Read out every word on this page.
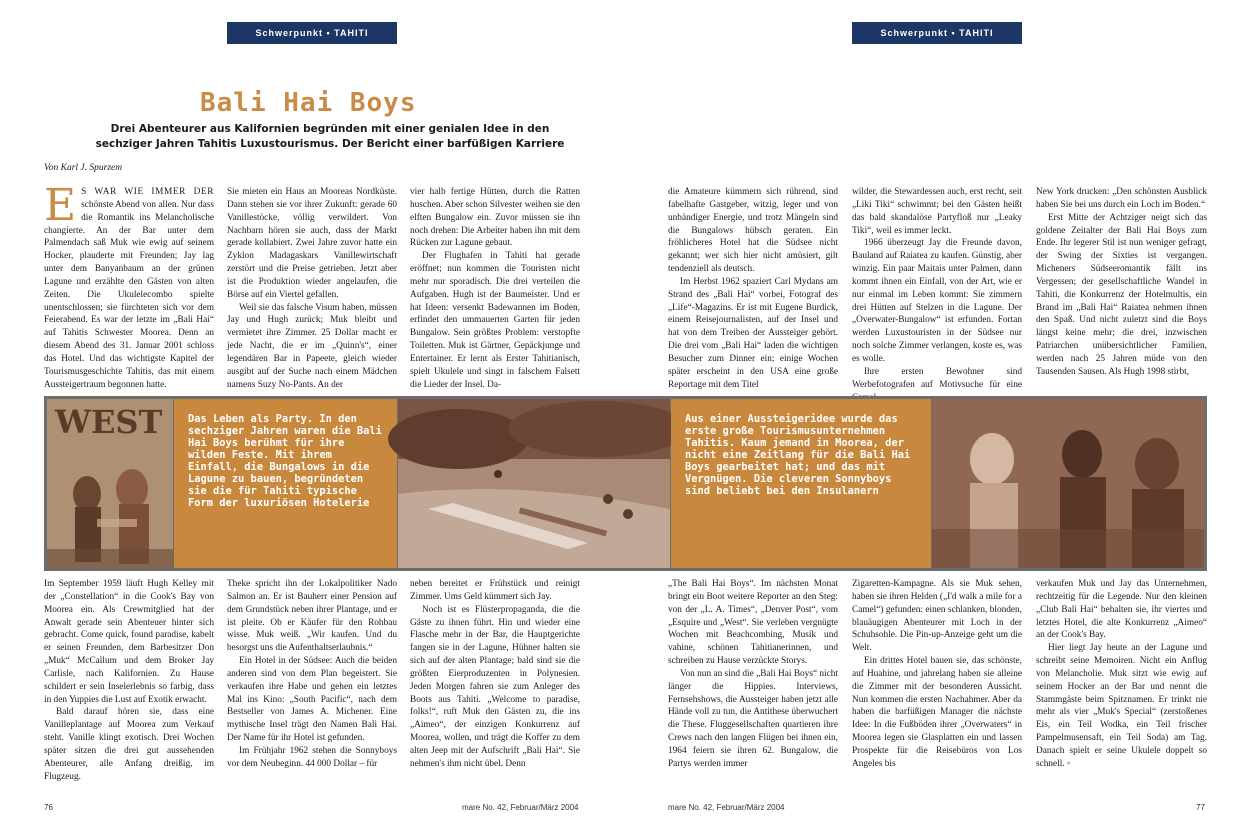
Schwerpunkt • TAHITI	Schwerpunkt • TAHITI
Bali Hai Boys
Drei Abenteurer aus Kalifornien begründen mit einer genialen Idee in den sechziger Jahren Tahitis Luxustourismus. Der Bericht einer barfüßigen Karriere
Von Karl J. Spurzem

E S WAR WIE IMMER DER schönste Abend von allen. Nur dass die Romantik ins Melancholische changierte. An der Bar unter dem Palmendach saß Muk wie ewig auf seinem Hocker, plauderte mit Freunden; Jay lag unter dem Banyanbaum an der grünen Lagune und erzählte den Gästen von alten Zeiten. Die Ukulelecombo spielte unentschlossen; sie fürchteten sich vor dem Feierabend. Es war der letzte im „Bali Hai“ auf Tahitis Schwester Moorea. Denn an diesem Abend des 31. Januar 2001 schloss das Hotel. Und das wichtigste Kapitel der Tourismusgeschichte Tahitis, das mit einem Aussteigertraum begonnen hatte.

Sie mieten ein Haus an Mooreas Nordküste. Dann stehen sie vor ihrer Zukunft: gerade 60 Vanillestöcke, völlig verwildert. Von Nachbarn hören sie auch, dass der Markt gerade kollabiert. Zwei Jahre zuvor hatte ein Zyklon Madagaskars Vanillewirtschaft zerstört und die Preise getrieben. Jetzt aber ist die Produktion wieder angelaufen, die Börse auf ein Viertel gefallen.

Weil sie das falsche Visum haben, müssen Jay und Hugh zurück; Muk bleibt und vermietet ihre Zimmer. 25 Dollar macht er jede Nacht, die er im „Quinn's“, einer legendären Bar in Papeete, gleich wieder ausgibt auf der Suche nach einem Mädchen namens Suzy No-Pants. An der

vier halb fertige Hütten, durch die Ratten huschen. Aber schon Silvester weihen sie den elften Bungalow ein. Zuvor müssen sie ihn noch drehen: Die Arbeiter haben ihn mit dem Rücken zur Lagune gebaut.

Der Flughafen in Tahiti hat gerade eröffnet; nun kommen die Touristen nicht mehr nur sporadisch. Die drei verteilen die Aufgaben. Hugh ist der Baumeister. Und er hat Ideen: versenkt Badewannen im Boden, erfindet den ummauerten Garten für jeden Bungalow. Sein größtes Problem: verstopfte Toiletten. Muk ist Gärtner, Gepäckjunge und Entertainer. Er lernt als Erster Tahitianisch, spielt Ukulele und singt in falschem Falsett die Lieder der Insel. Da-

die Amateure kümmern sich rührend, sind fabelhafte Gastgeber, witzig, leger und von unbändiger Energie, und trotz Mängeln sind die Bungalows hübsch geraten. Ein fröhlicheres Hotel hat die Südsee nicht gekannt; wer sich hier nicht amüsiert, gilt tendenziell als deutsch.

Im Herbst 1962 spaziert Carl Mydans am Strand des „Bali Hai“ vorbei, Fotograf des „Life“-Magazins. Er ist mit Eugene Burdick, einem Reisejournalisten, auf der Insel und hat von dem Treiben der Aussteiger gehört. Die drei vom „Bali Hai“ laden die wichtigen Besucher zum Dinner ein; einige Wochen später erscheint in den USA eine große Reportage mit dem Titel

wilder, die Stewardessen auch, erst recht, seit „Liki Tiki“ schwimmt; bei den Gästen heißt das bald skandalöse Partyfloß nur „Leaky Tiki“, weil es immer leckt.

1966 überzeugt Jay die Freunde davon, Bauland auf Raiatea zu kaufen. Günstig, aber winzig. Ein paar Maitais unter Palmen, dann kommt ihnen ein Einfall, von der Art, wie er nur einmal im Leben kommt: Sie zimmern drei Hütten auf Stelzen in die Lagune. Der „Overwater-Bungalow“ ist erfunden. Fortan werden Luxustouristen in der Südsee nur noch solche Zimmer verlangen, koste es, was es wolle.

Ihre ersten Bewohner sind Werbefotografen auf Motivsuche für eine

New York drucken: „Den schönsten Ausblick haben Sie bei uns durch ein Loch im Boden.“

Erst Mitte der Achtziger neigt sich das goldene Zeitalter der Bali Hai Boys zum Ende. Ihr legerer Stil ist nun weniger gefragt, der Swing der Sixties ist vergangen. Micheners Südseeromantik fällt ins Vergessen; der gesellschaftliche Wandel in Tahiti, die Konkurrenz der Hotelmultis, ein Brand im „Bali Hai“ Raiatea nehmen ihnen den Spaß. Und nicht zuletzt sind die Boys längst keine mehr; die drei, inzwischen Patriarchen unübersichtlicher Familien, werden nach 25 Jahren müde von den Tausenden Sausen. Als Hugh 1998 stirbt,

WEST	Das Leben als Party. In den sechziger Jahren waren die Bali Hai Boys berühmt für ihre wilden Feste. Mit ihrem Einfall, die Bungalows in die Lagune zu bauen, begründeten sie die für Tahiti typische Form der luxuriösen Hotelerie
Aus einer Aussteigeridee wurde das erste große Tourismusunternehmen Tahitis. Kaum jemand in Moorea, der nicht eine Zeitlang für die Bali Hai Boys gearbeitet hat; und das mit Vergnügen. Die cleveren Sonnyboys sind beliebt bei den Insulanern

Im September 1959 läuft Hugh Kelley mit der „Constellation“ in die Cook's Bay von Moorea ein. Als Crewmitglied hat der Anwalt gerade sein Abenteuer hinter sich gebracht. Come quick, found paradise, kabelt er seinen Freunden, dem Barbesitzer Don „Muk“ McCallum und dem Broker Jay Carlisle, nach Kalifornien. Zu Hause schildert er sein Inselerlebnis so farbig, dass in den Yuppies die Lust auf Exotik erwacht.

Bald darauf hören sie, dass eine Vanilleplantage auf Moorea zum Verkauf steht. Vanille klingt exotisch. Drei Wochen später sitzen die drei gut aussehenden Abenteurer, alle Anfang dreißig, im Flugzeug.

Theke spricht ihn der Lokalpolitiker Nado Salmon an. Er ist Bauherr einer Pension auf dem Grundstück neben ihrer Plantage, und er ist pleite. Ob er Käufer für den Rohbau wisse. Muk weiß. „Wir kaufen. Und du besorgst uns die Aufenthaltserlaubnis.“

Ein Hotel in der Südsee: Auch die beiden anderen sind von dem Plan begeistert. Sie verkaufen ihre Habe und gehen ein letztes Mal ins Kino: „South Pacific“, nach dem Bestseller von James A. Michener. Eine mythische Insel trägt den Namen Bali Hai. Der Name für ihr Hotel ist gefunden.

Im Frühjahr 1962 stehen die Sonnyboys vor dem Neubeginn. 44 000 Dollar – für

neben bereitet er Frühstück und reinigt Zimmer. Ums Geld kümmert sich Jay.

Noch ist es Flüsterpropaganda, die die Gäste zu ihnen führt. Hin und wieder eine Flasche mehr in der Bar, die Hauptgerichte fangen sie in der Lagune, Hühner halten sie sich auf der alten Plantage; bald sind sie die größten Eierproduzenten in Polynesien. Jeden Morgen fahren sie zum Anleger des Boots aus Tahiti. „Welcome to paradise, folks!“, ruft Muk den Gästen zu, die ins „Aimeo“, der einzigen Konkurrenz auf Moorea, wollen, und trägt die Koffer zu dem alten Jeep mit der Aufschrift „Bali Hai“. Sie nehmen's ihm nicht übel. Denn

„The Bali Hai Boys“. Im nächsten Monat bringt ein Boot weitere Reporter an den Steg: von der „L. A. Times“, „Denver Post“, vom „Esquire und „West“. Sie verleben vergnügte Wochen mit Beachcombing, Musik und vahine, schönen Tahitianerinnen, und schreiben zu Hause verzückte Storys.

Von nun an sind die „Bali Hai Boys“ nicht länger die Hippies. Interviews, Fernsehshows, die Aussteiger haben jetzt alle Hände voll zu tun, die Antithese überwuchert die These. Fluggesellschaften quartieren ihre Crews nach den langen Flügen bei ihnen ein, 1964 feiern sie ihren 62. Bungalow, die Partys werden immer

Zigaretten-Kampagne. Als sie Muk sehen, haben sie ihren Helden („I'd walk a mile for a Camel“) gefunden: einen schlanken, blonden, blauäugigen Abenteurer mit Loch in der Schuhsohle. Die Pin-up-Anzeige geht um die Welt.

Ein drittes Hotel bauen sie, das schönste, auf Huahine, und jahrelang haben sie alleine die Zimmer mit der besonderen Aussicht. Nun kommen die ersten Nachahmer. Aber da haben die barfüßigen Manager die nächste Idee: In die Fußböden ihrer „Overwaters“ in Moorea legen sie Glasplatten ein und lassen Prospekte für die Reisebüros von Los Angeles bis

verkaufen Muk und Jay das Unternehmen, rechtzeitig für die Legende. Nur den kleinen „Club Bali Hai“ behalten sie, ihr viertes und letztes Hotel, die alte Konkurrenz „Aimeo“ an der Cook's Bay.

Hier liegt Jay heute an der Lagune und schreibt seine Memoiren. Nicht ein Anflug von Melancholie. Muk sitzt wie ewig auf seinem Hocker an der Bar und nennt die Stammgäste beim Spitznamen. Er trinkt nie mehr als vier „Muk's Special“ (zerstoßenes Eis, ein Teil Wodka, ein Teil frischer Pampelmusensaft, ein Teil Soda) am Tag. Danach spielt er seine Ukulele doppelt so schnell. ◦

76	mare No. 42, Februar/März 2004	mare No. 42, Februar/März 2004	77
